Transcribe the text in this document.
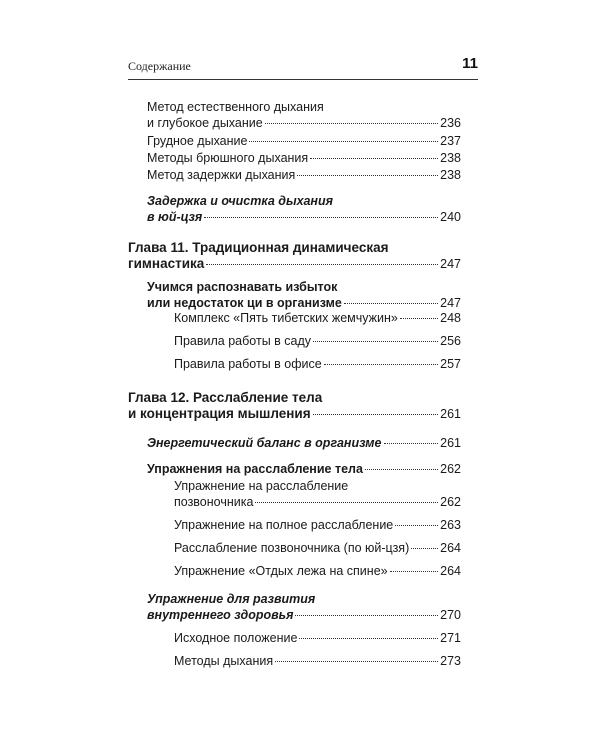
Содержание	11
Метод естественного дыхания
и глубокое дыхание	236
Грудное дыхание	237
Методы брюшного дыхания	238
Метод задержки дыхания	238
Задержка и очистка дыхания
в юй-цзя	240
Глава 11. Традиционная динамическая
гимнастика	247
Учимся распознавать избыток
или недостаток ци в организме	247
Комплекс «Пять тибетских жемчужин»	248
Правила работы в саду	256
Правила работы в офисе	257
Глава 12. Расслабление тела
и концентрация мышления	261
Энергетический баланс в организме	261
Упражнения на расслабление тела	262
Упражнение на расслабление
позвоночника	262
Упражнение на полное расслабление	263
Расслабление позвоночника (по юй-цзя) 264
Упражнение «Отдых лежа на спине»	264
Упражнение для развития
внутреннего здоровья	270
Исходное положение	271
Методы дыхания	273
